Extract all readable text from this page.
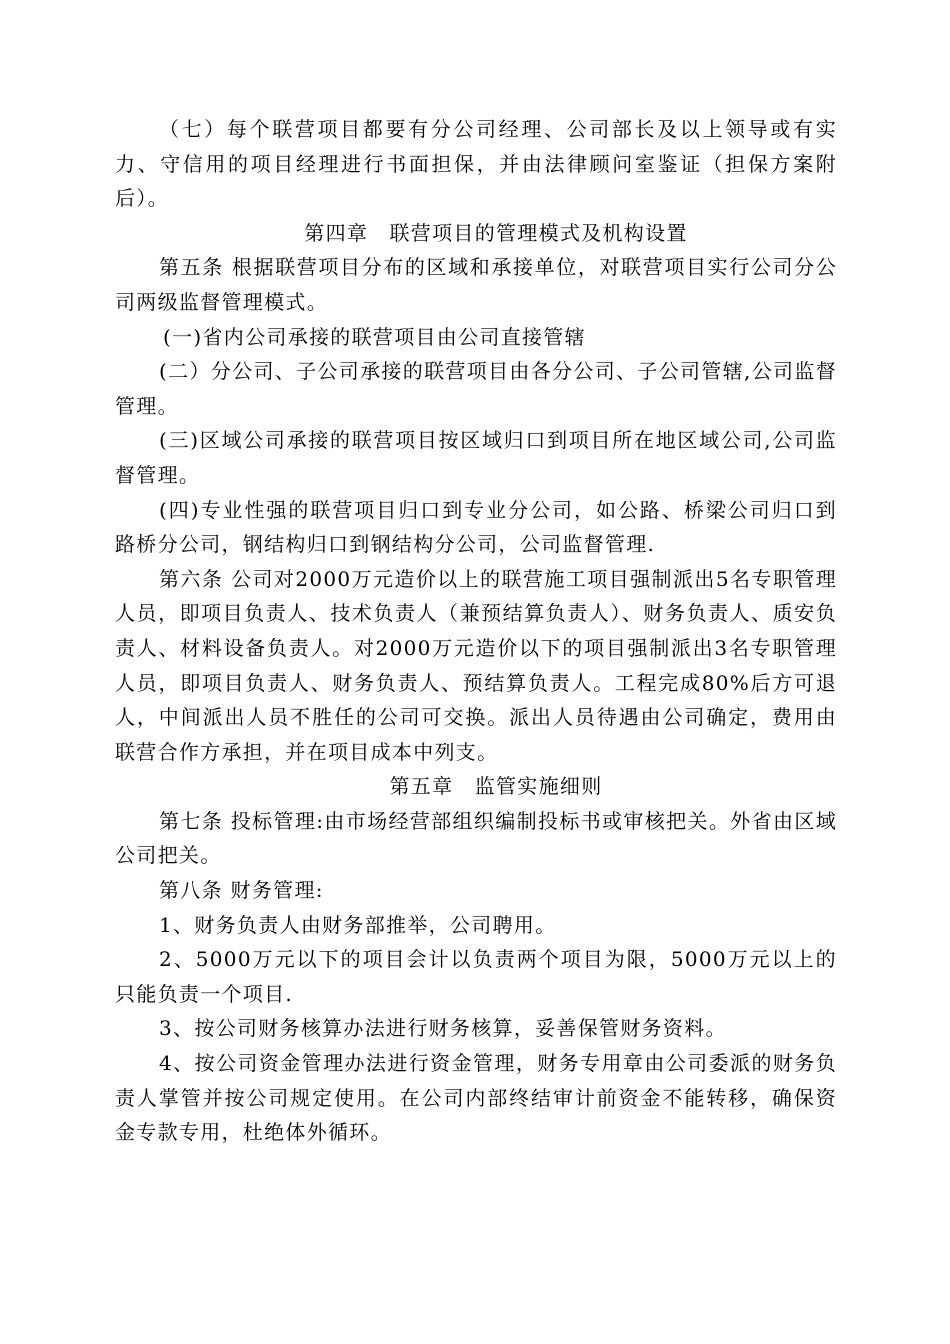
（七）每个联营项目都要有分公司经理、公司部长及以上领导或有实力、守信用的项目经理进行书面担保，并由法律顾问室鉴证（担保方案附后）。

第四章　联营项目的管理模式及机构设置

第五条 根据联营项目分布的区域和承接单位，对联营项目实行公司分公司两级监督管理模式。

(一)省内公司承接的联营项目由公司直接管辖

(二）分公司、子公司承接的联营项目由各分公司、子公司管辖,公司监督管理。

(三)区域公司承接的联营项目按区域归口到项目所在地区域公司,公司监督管理。

(四)专业性强的联营项目归口到专业分公司，如公路、桥梁公司归口到路桥分公司，钢结构归口到钢结构分公司，公司监督管理.

第六条 公司对2000万元造价以上的联营施工项目强制派出5名专职管理人员，即项目负责人、技术负责人（兼预结算负责人）、财务负责人、质安负责人、材料设备负责人。对2000万元造价以下的项目强制派出3名专职管理人员，即项目负责人、财务负责人、预结算负责人。工程完成80%后方可退人，中间派出人员不胜任的公司可交换。派出人员待遇由公司确定，费用由联营合作方承担，并在项目成本中列支。

第五章　监管实施细则

第七条 投标管理:由市场经营部组织编制投标书或审核把关。外省由区域公司把关。

第八条 财务管理:

1、财务负责人由财务部推举，公司聘用。

2、5000万元以下的项目会计以负责两个项目为限，5000万元以上的只能负责一个项目.

3、按公司财务核算办法进行财务核算，妥善保管财务资料。

4、按公司资金管理办法进行资金管理，财务专用章由公司委派的财务负责人掌管并按公司规定使用。在公司内部终结审计前资金不能转移，确保资金专款专用，杜绝体外循环。
